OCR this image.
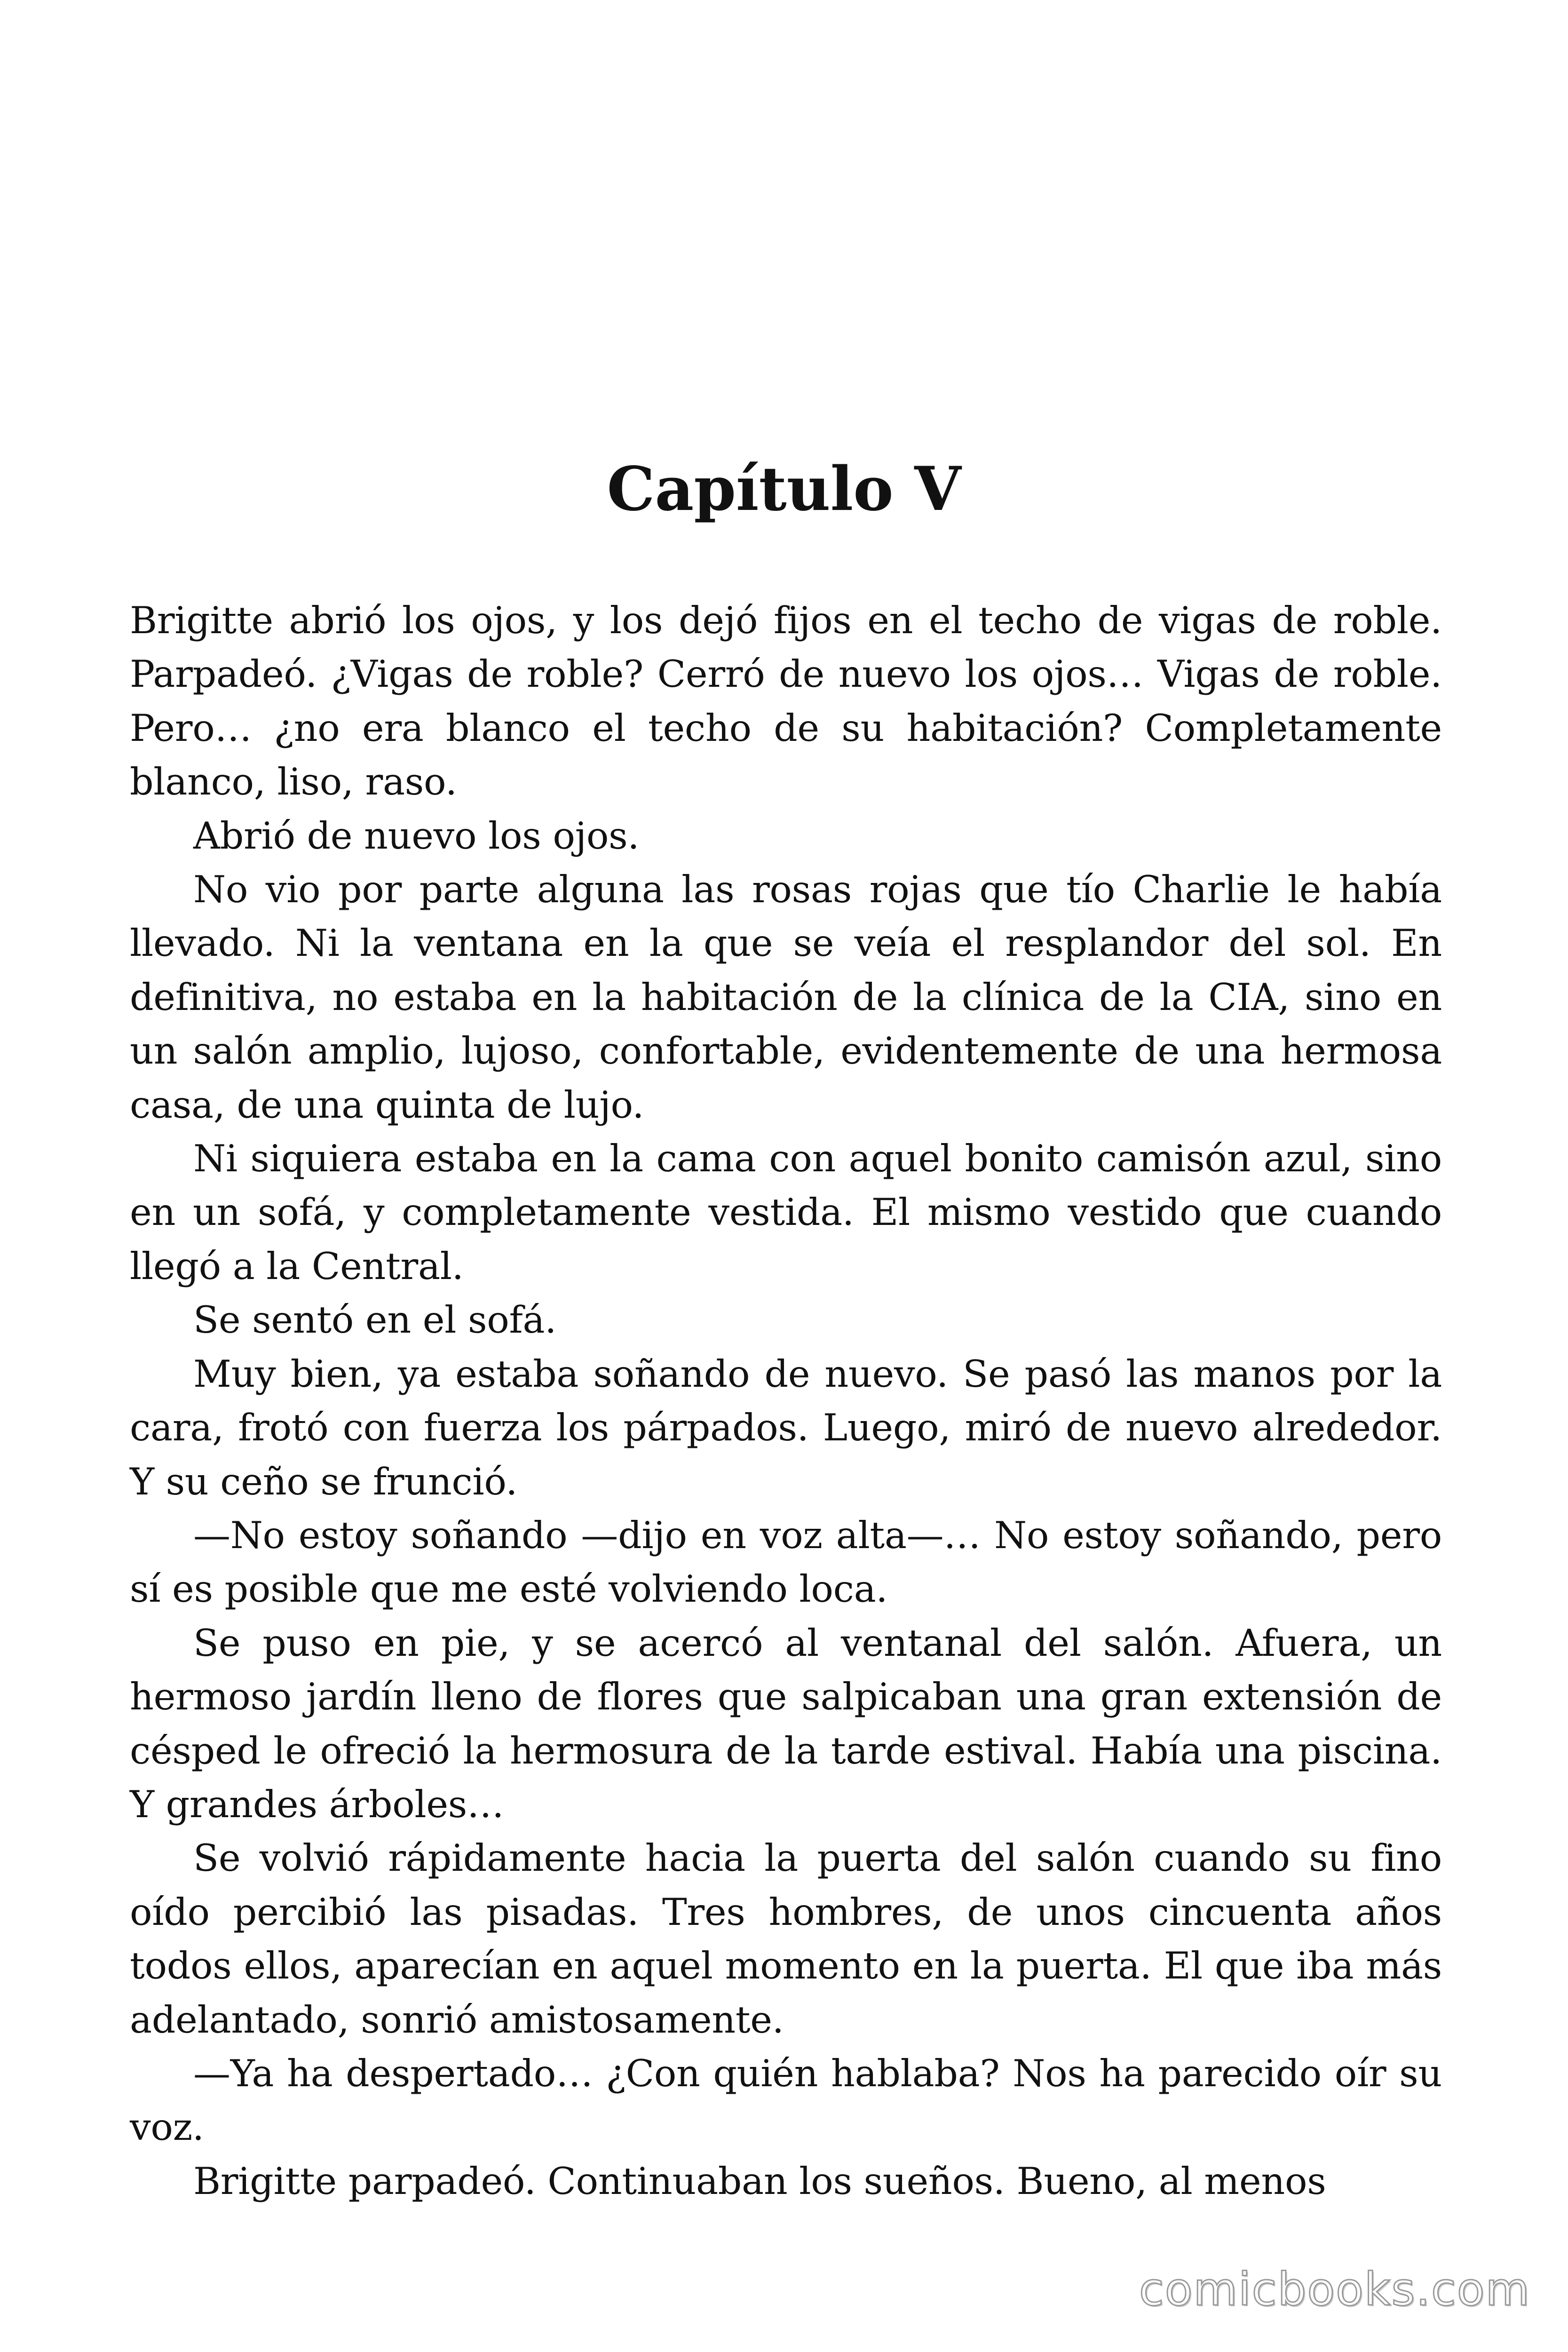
Capítulo V

Brigitte abrió los ojos, y los dejó fijos en el techo de vigas de roble. Parpadeó. ¿Vigas de roble? Cerró de nuevo los ojos… Vigas de roble. Pero… ¿no era blanco el techo de su habitación? Completamente blanco, liso, raso.

Abrió de nuevo los ojos.

No vio por parte alguna las rosas rojas que tío Charlie le había llevado. Ni la ventana en la que se veía el resplandor del sol. En definitiva, no estaba en la habitación de la clínica de la CIA, sino en un salón amplio, lujoso, confortable, evidentemente de una hermosa casa, de una quinta de lujo.

Ni siquiera estaba en la cama con aquel bonito camisón azul, sino en un sofá, y completamente vestida. El mismo vestido que cuando llegó a la Central.

Se sentó en el sofá.

Muy bien, ya estaba soñando de nuevo. Se pasó las manos por la cara, frotó con fuerza los párpados. Luego, miró de nuevo alrededor. Y su ceño se frunció.

—No estoy soñando —dijo en voz alta—… No estoy soñando, pero sí es posible que me esté volviendo loca.

Se puso en pie, y se acercó al ventanal del salón. Afuera, un hermoso jardín lleno de flores que salpicaban una gran extensión de césped le ofreció la hermosura de la tarde estival. Había una piscina. Y grandes árboles…

Se volvió rápidamente hacia la puerta del salón cuando su fino oído percibió las pisadas. Tres hombres, de unos cincuenta años todos ellos, aparecían en aquel momento en la puerta. El que iba más adelantado, sonrió amistosamente.

—Ya ha despertado… ¿Con quién hablaba? Nos ha parecido oír su voz.

Brigitte parpadeó. Continuaban los sueños. Bueno, al menos

comicbooks.com
